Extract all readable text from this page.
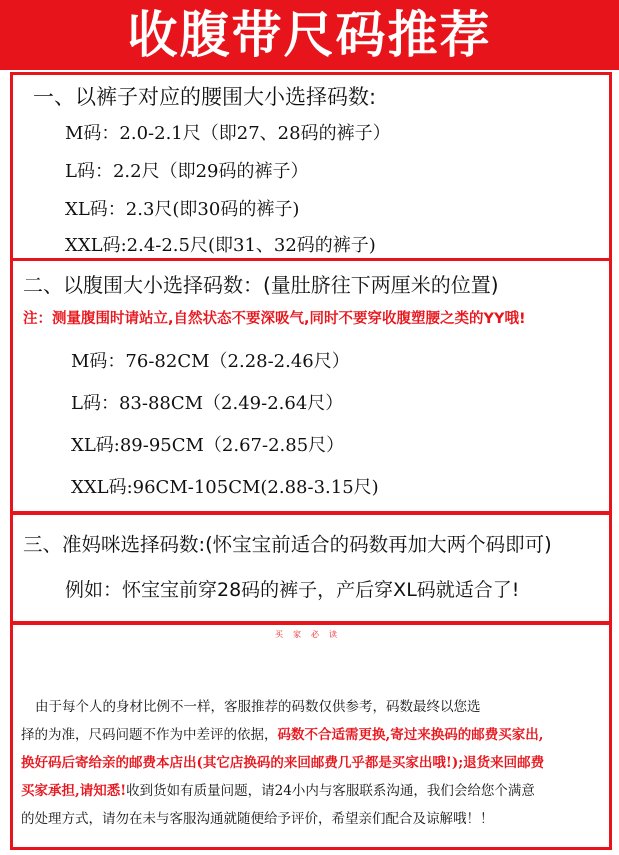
收腹带尺码推荐
一、以裤子对应的腰围大小选择码数:
M码：2.0-2.1尺（即27、28码的裤子）
L码：2.2尺（即29码的裤子）
XL码：2.3尺(即30码的裤子)
XXL码:2.4-2.5尺(即31、32码的裤子)
二、以腹围大小选择码数：(量肚脐往下两厘米的位置)
注：测量腹围时请站立,自然状态不要深吸气,同时不要穿收腹塑腰之类的YY哦!
M码：76-82CM（2.28-2.46尺）
L码：83-88CM（2.49-2.64尺）
XL码:89-95CM（2.67-2.85尺）
XXL码:96CM-105CM(2.88-3.15尺)
三、准妈咪选择码数:(怀宝宝前适合的码数再加大两个码即可)
例如：怀宝宝前穿28码的裤子，产后穿XL码就适合了!
买家必读
由于每个人的身材比例不一样，客服推荐的码数仅供参考，码数最终以您选
择的为准，尺码问题不作为中差评的依据，码数不合适需更换,寄过来换码的邮费买家出,
换好码后寄给亲的邮费本店出(其它店换码的来回邮费几乎都是买家出哦!);退货来回邮费
买家承担,请知悉!收到货如有质量问题，请24小内与客服联系沟通，我们会给您个满意
的处理方式，请勿在未与客服沟通就随便给予评价，希望亲们配合及谅解哦！！
